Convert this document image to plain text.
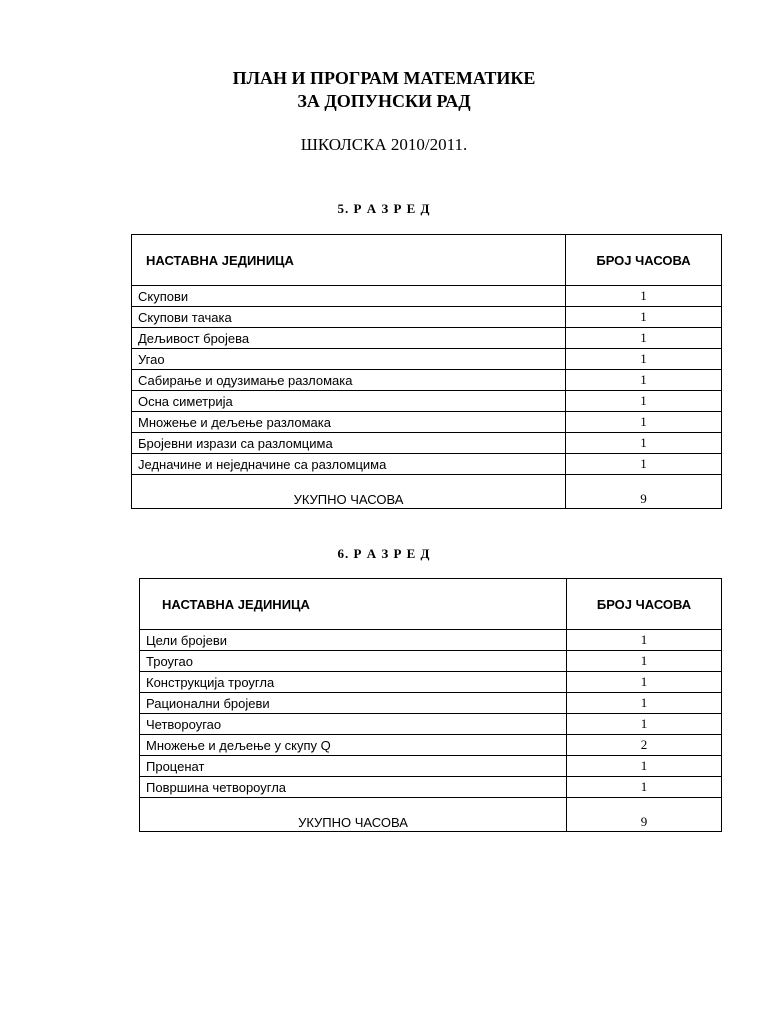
ПЛАН И ПРОГРАМ МАТЕМАТИКЕ
ЗА ДОПУНСКИ РАД
ШКОЛСКА 2010/2011.
5. Р А З Р Е Д
НАСТАВНА ЈЕДИНИЦА	БРОЈ ЧАСОВА
Скупови	1
Скупови тачака	1
Дељивост бројева	1
Угао	1
Сабирање и одузимање разломака	1
Осна симетрија	1
Множење и дељење разломака	1
Бројевни изрази са разломцима	1
Једначине и неједначине са разломцима	1
УКУПНО ЧАСОВА	9
6. Р А З Р Е Д
НАСТАВНА ЈЕДИНИЦА	БРОЈ ЧАСОВА
Цели бројеви	1
Троугао	1
Конструкција троугла	1
Рационални бројеви	1
Четвороугао	1
Множење и дељење у скупу Q	2
Проценат	1
Површина четвороугла	1
УКУПНО ЧАСОВА	9
